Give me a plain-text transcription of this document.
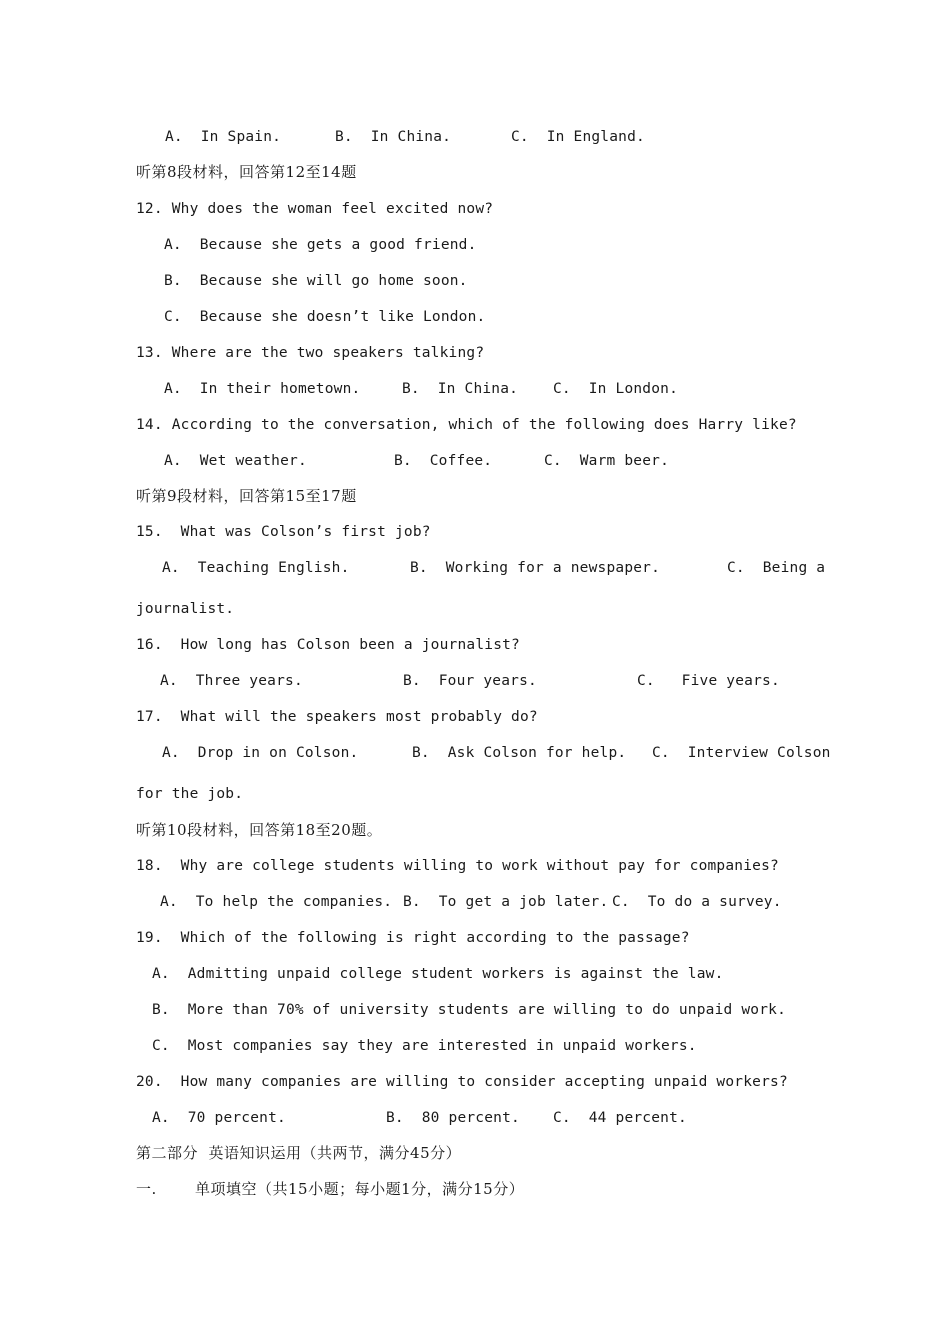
A.  In Spain.	B.  In China.	C.  In England.
听第8段材料，回答第12至14题
12. Why does the woman feel excited now?
A.  Because she gets a good friend.
B.  Because she will go home soon.
C.  Because she doesn’t like London.
13. Where are the two speakers talking?
A.  In their hometown.	B.  In China. C.  In London.
14. According to the conversation, which of the following does Harry like?
A.  Wet weather.	B.  Coffee.	C.  Warm beer.
听第9段材料，回答第15至17题
15.  What was Colson’s first job?
A.  Teaching English.	B.  Working for a newspaper.	C.  Being a
journalist.
16.  How long has Colson been a journalist?
A.  Three years.	B.  Four years.	C.   Five years.
17.  What will the speakers most probably do?
A.  Drop in on Colson.	B.  Ask Colson for help. C.  Interview Colson
for the job.
听第10段材料，回答第18至20题。
18.  Why are college students willing to work without pay for companies?
A.  To help the companies. B.  To get a job later. C.  To do a survey.
19.  Which of the following is right according to the passage?
A.  Admitting unpaid college student workers is against the law.
B.  More than 70% of university students are willing to do unpaid work.
C.  Most companies say they are interested in unpaid workers.
20.  How many companies are willing to consider accepting unpaid workers?
A.  70 percent.	B.  80 percent. C.  44 percent.
第二部分  英语知识运用（共两节，满分45分）
一.	单项填空（共15小题；每小题1分，满分15分）
